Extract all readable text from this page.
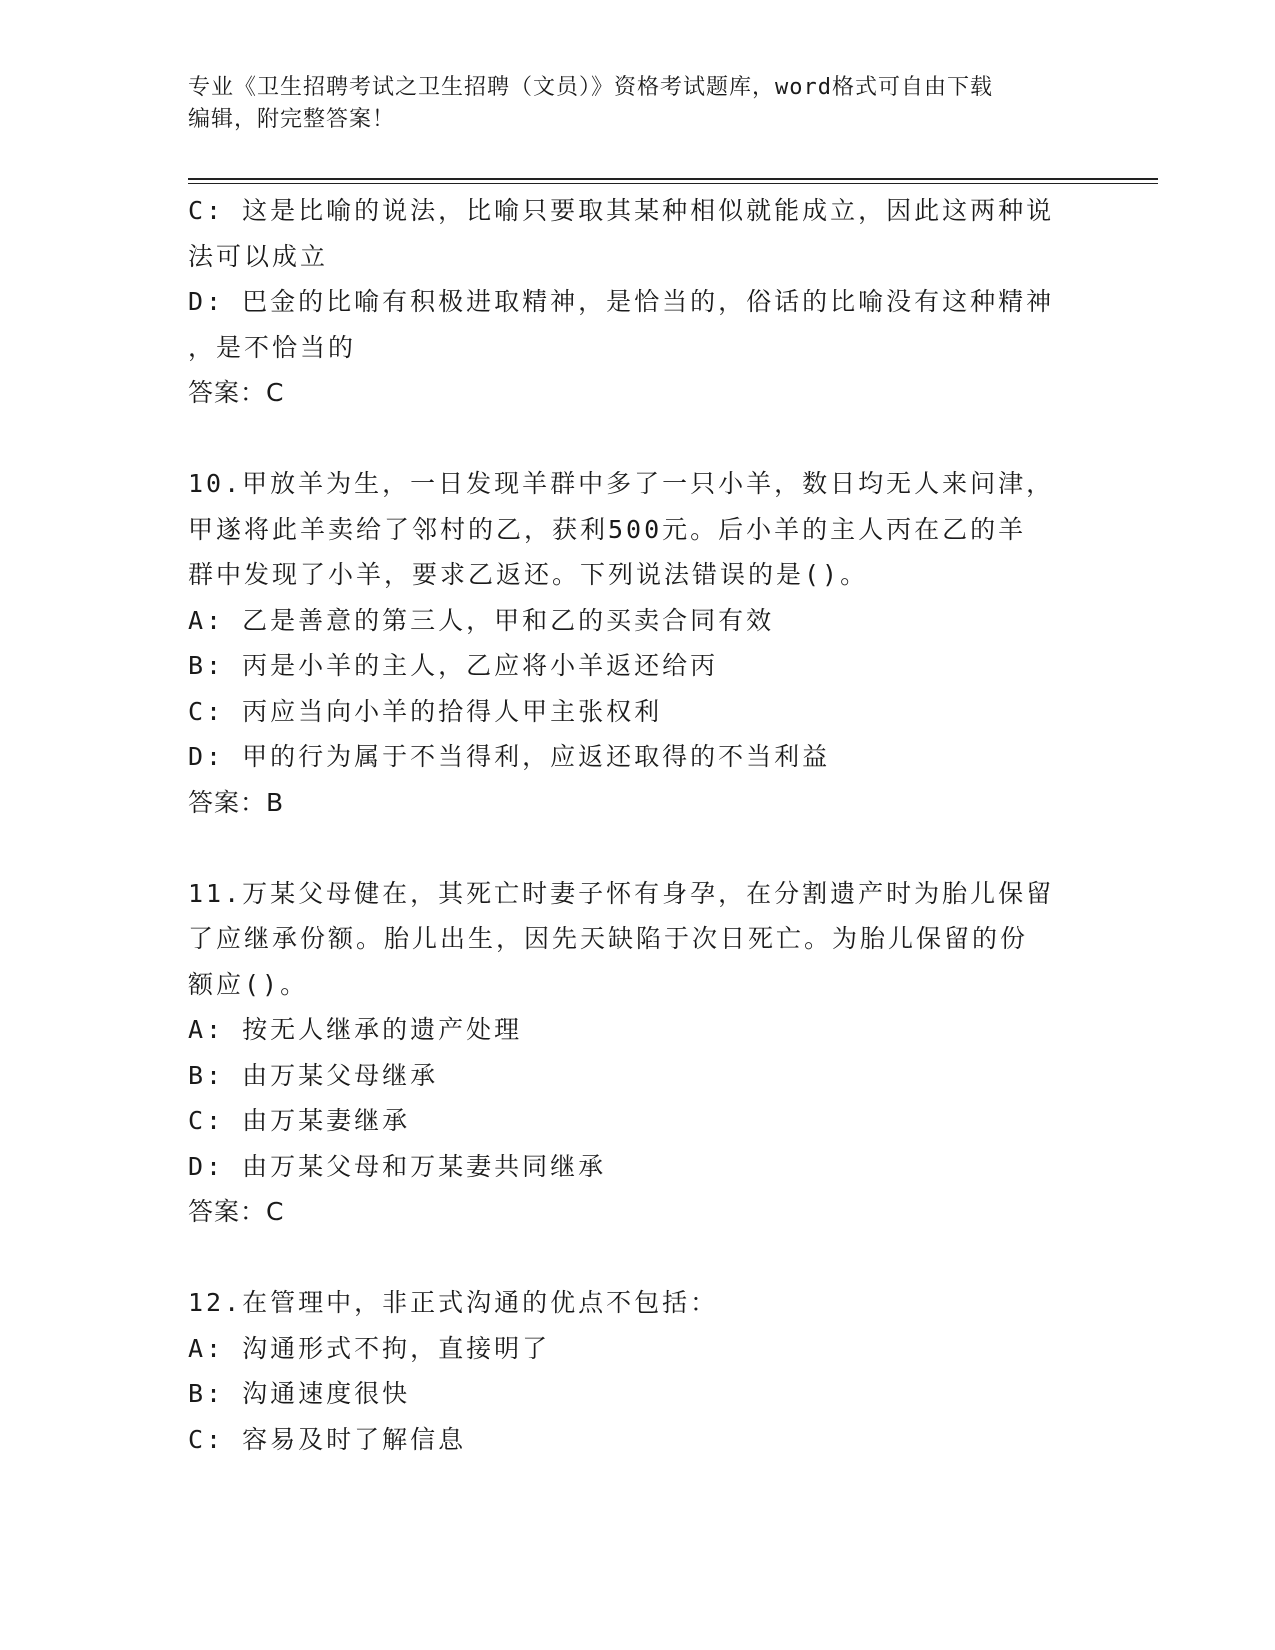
专业《卫生招聘考试之卫生招聘（文员）》资格考试题库，word格式可自由下载
编辑，附完整答案！
C: 这是比喻的说法，比喻只要取其某种相似就能成立，因此这两种说
法可以成立
D: 巴金的比喻有积极进取精神，是恰当的，俗话的比喻没有这种精神
，是不恰当的
答案：C
10.甲放羊为生，一日发现羊群中多了一只小羊，数日均无人来问津，
甲遂将此羊卖给了邻村的乙，获利500元。后小羊的主人丙在乙的羊
群中发现了小羊，要求乙返还。下列说法错误的是()。
A: 乙是善意的第三人，甲和乙的买卖合同有效
B: 丙是小羊的主人，乙应将小羊返还给丙
C: 丙应当向小羊的拾得人甲主张权利
D: 甲的行为属于不当得利，应返还取得的不当利益
答案：B
11.万某父母健在，其死亡时妻子怀有身孕，在分割遗产时为胎儿保留
了应继承份额。胎儿出生，因先天缺陷于次日死亡。为胎儿保留的份
额应()。
A: 按无人继承的遗产处理
B: 由万某父母继承
C: 由万某妻继承
D: 由万某父母和万某妻共同继承
答案：C
12.在管理中，非正式沟通的优点不包括：
A: 沟通形式不拘，直接明了
B: 沟通速度很快
C: 容易及时了解信息
